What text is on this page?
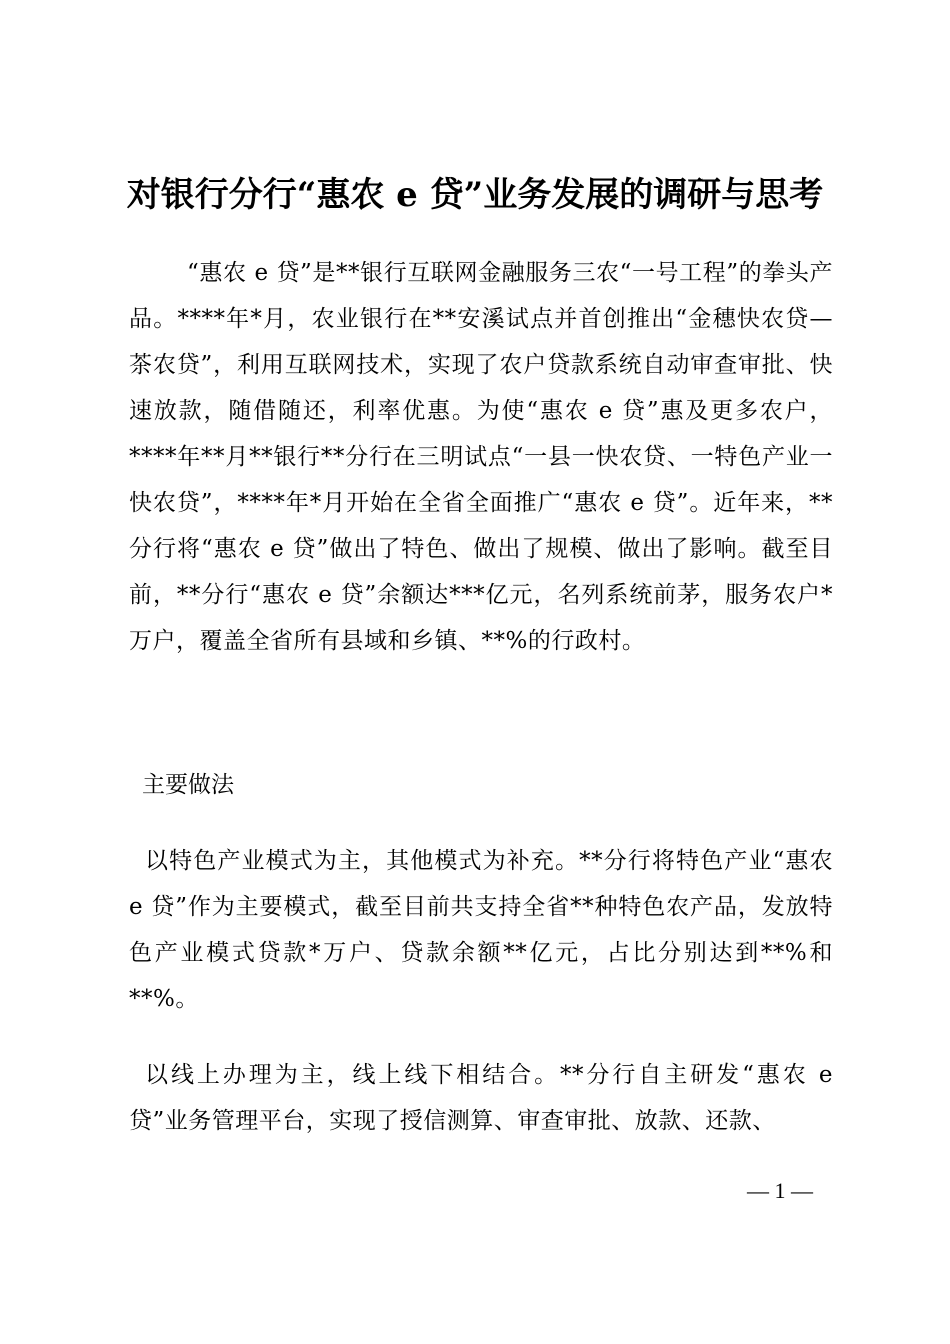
对银行分行“惠农 e 贷”业务发展的调研与思考

“惠农 e 贷”是**银行互联网金融服务三农“一号工程”的拳头产品。****年*月，农业银行在**安溪试点并首创推出“金穗快农贷—茶农贷”，利用互联网技术，实现了农户贷款系统自动审查审批、快速放款，随借随还，利率优惠。为使“惠农 e 贷”惠及更多农户，****年**月**银行**分行在三明试点“一县一快农贷、一特色产业一快农贷”，****年*月开始在全省全面推广“惠农 e 贷”。近年来，**分行将“惠农 e 贷”做出了特色、做出了规模、做出了影响。截至目前，**分行“惠农 e 贷”余额达***亿元，名列系统前茅，服务农户*万户，覆盖全省所有县域和乡镇、**%的行政村。

主要做法

以特色产业模式为主，其他模式为补充。**分行将特色产业“惠农 e 贷”作为主要模式，截至目前共支持全省**种特色农产品，发放特色产业模式贷款*万户、贷款余额**亿元，占比分别达到**%和**%。

以线上办理为主，线上线下相结合。**分行自主研发“惠农 e 贷”业务管理平台，实现了授信测算、审查审批、放款、还款、

— 1 —
